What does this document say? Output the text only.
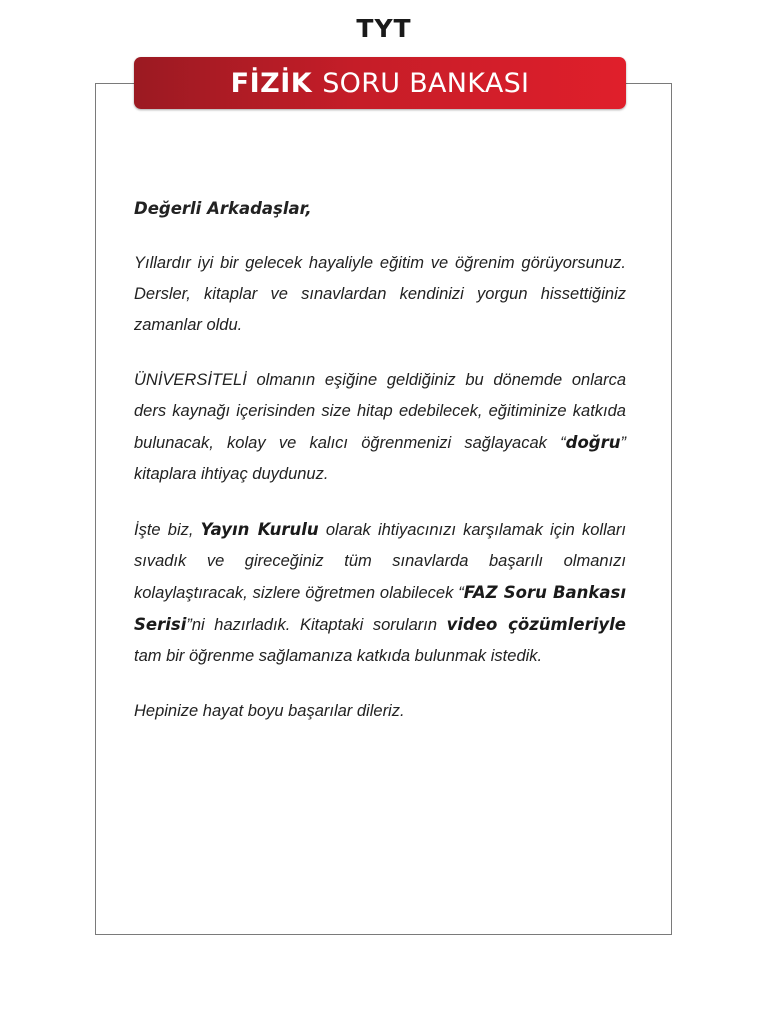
TYT
FİZİK SORU BANKASI

Değerli Arkadaşlar,

Yıllardır iyi bir gelecek hayaliyle eğitim ve öğrenim görüyorsunuz. Dersler, kitaplar ve sınavlardan kendinizi yorgun hissettiğiniz zamanlar oldu.

ÜNİVERSİTELİ olmanın eşiğine geldiğiniz bu dönemde onlarca ders kaynağı içerisinden size hitap edebilecek, eğitiminize katkıda bulunacak, kolay ve kalıcı öğrenmenizi sağlayacak “doğru” kitaplara ihtiyaç duydunuz.

İşte biz, Yayın Kurulu olarak ihtiyacınızı karşılamak için kolları sıvadık ve gireceğiniz tüm sınavlarda başarılı olmanızı kolaylaştıracak, sizlere öğretmen olabilecek “FAZ Soru Bankası Serisi”ni hazırladık. Kitaptaki soruların video çözümleriyle tam bir öğrenme sağlamanıza katkıda bulunmak istedik.

Hepinize hayat boyu başarılar dileriz.
